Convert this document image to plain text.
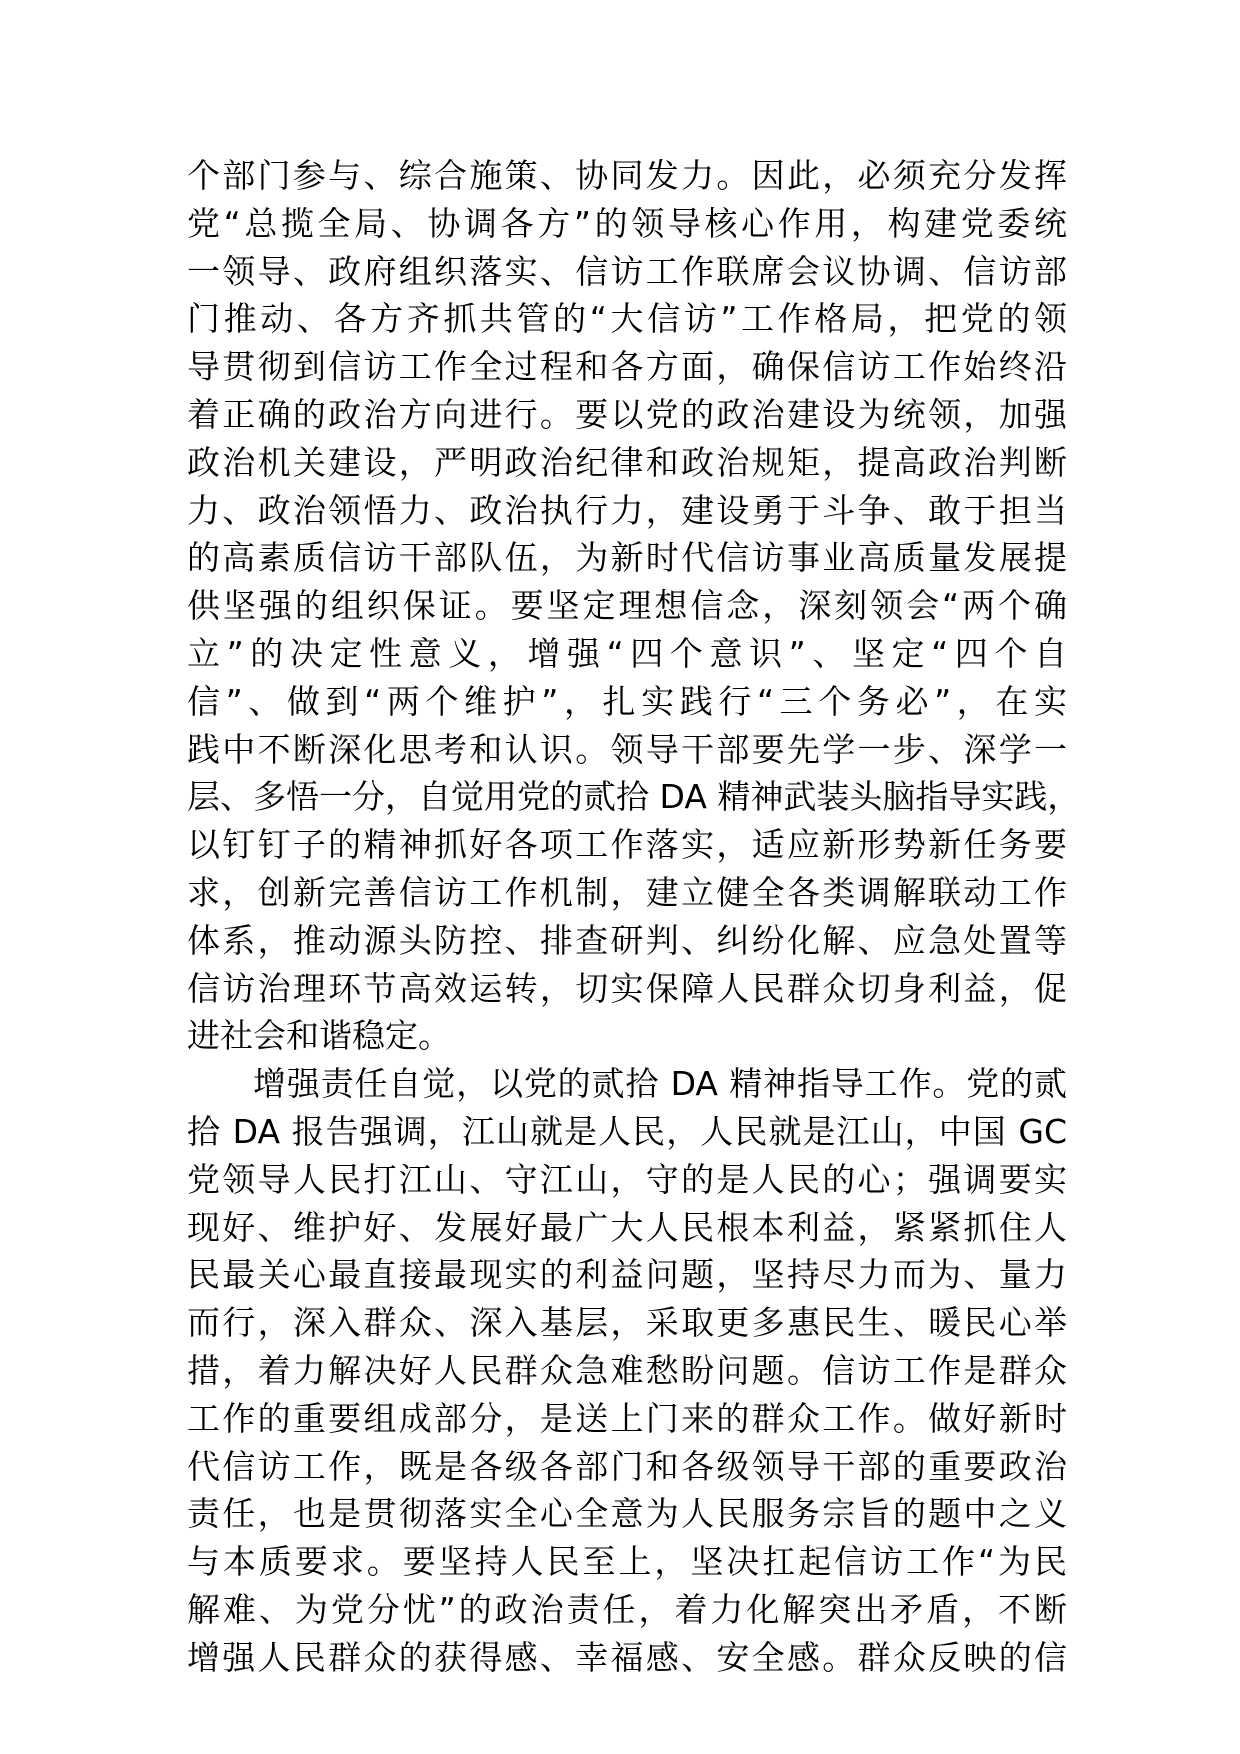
个部门参与、综合施策、协同发力。因此，必须充分发挥
党“总揽全局、协调各方”的领导核心作用，构建党委统
一领导、政府组织落实、信访工作联席会议协调、信访部
门推动、各方齐抓共管的“大信访”工作格局，把党的领
导贯彻到信访工作全过程和各方面，确保信访工作始终沿
着正确的政治方向进行。要以党的政治建设为统领，加强
政治机关建设，严明政治纪律和政治规矩，提高政治判断
力、政治领悟力、政治执行力，建设勇于斗争、敢于担当
的高素质信访干部队伍，为新时代信访事业高质量发展提
供坚强的组织保证。要坚定理想信念，深刻领会“两个确
立”的决定性意义，增强“四个意识”、坚定“四个自
信”、做到“两个维护”，扎实践行“三个务必”，在实
践中不断深化思考和认识。领导干部要先学一步、深学一
层、多悟一分，自觉用党的贰拾 DA 精神武装头脑指导实践，
以钉钉子的精神抓好各项工作落实，适应新形势新任务要
求，创新完善信访工作机制，建立健全各类调解联动工作
体系，推动源头防控、排查研判、纠纷化解、应急处置等
信访治理环节高效运转，切实保障人民群众切身利益，促
进社会和谐稳定。
增强责任自觉，以党的贰拾 DA 精神指导工作。党的贰
拾 DA 报告强调，江山就是人民，人民就是江山，中国 GC
党领导人民打江山、守江山，守的是人民的心；强调要实
现好、维护好、发展好最广大人民根本利益，紧紧抓住人
民最关心最直接最现实的利益问题，坚持尽力而为、量力
而行，深入群众、深入基层，采取更多惠民生、暖民心举
措，着力解决好人民群众急难愁盼问题。信访工作是群众
工作的重要组成部分，是送上门来的群众工作。做好新时
代信访工作，既是各级各部门和各级领导干部的重要政治
责任，也是贯彻落实全心全意为人民服务宗旨的题中之义
与本质要求。要坚持人民至上，坚决扛起信访工作“为民
解难、为党分忧”的政治责任，着力化解突出矛盾，不断
增强人民群众的获得感、幸福感、安全感。群众反映的信
